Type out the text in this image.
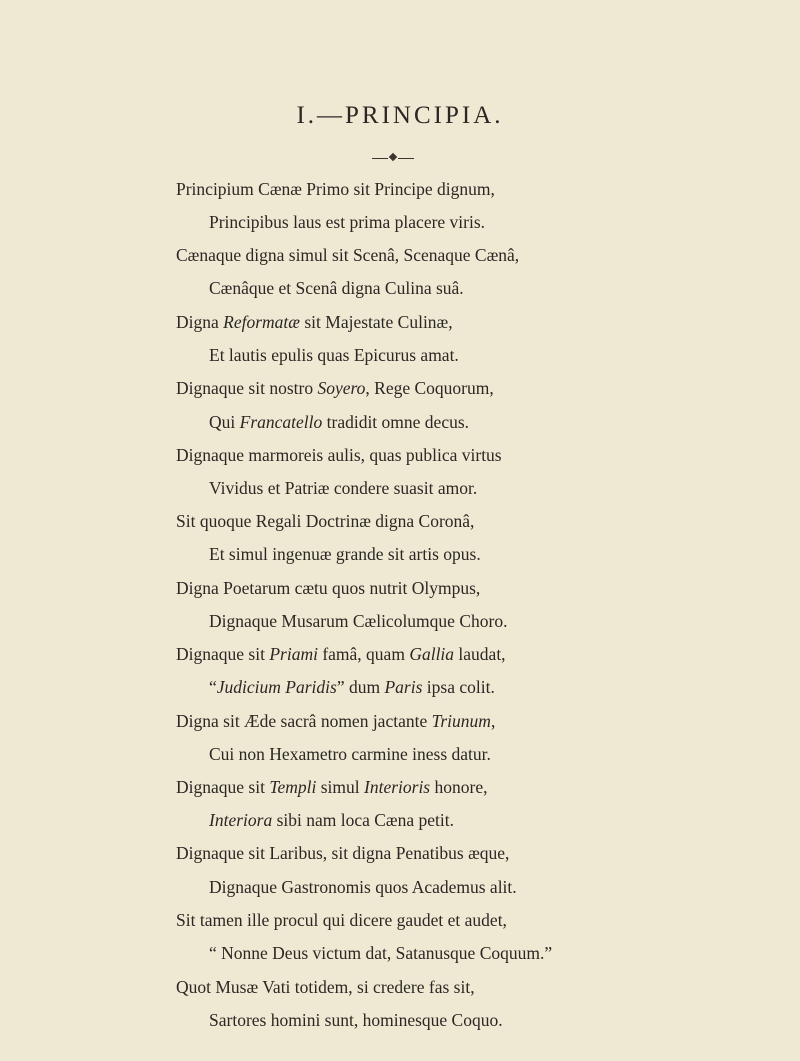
I.—PRINCIPIA.
Principium Cænæ Primo sit Principe dignum,
Principibus laus est prima placere viris.
Cænaque digna simul sit Scenâ, Scenaque Cænâ,
Cænâque et Scenâ digna Culina suâ.
Digna Reformatæ sit Majestate Culinæ,
Et lautis epulis quas Epicurus amat.
Dignaque sit nostro Soyero, Rege Coquorum,
Qui Francatello tradidit omne decus.
Dignaque marmoreis aulis, quas publica virtus
Vividus et Patriæ condere suasit amor.
Sit quoque Regali Doctrinæ digna Coronâ,
Et simul ingenuæ grande sit artis opus.
Digna Poetarum cætu quos nutrit Olympus,
Dignaque Musarum Cælicolumque Choro.
Dignaque sit Priami famâ, quam Gallia laudat,
“Judicium Paridis” dum Paris ipsa colit.
Digna sit Æde sacrâ nomen jactante Triunum,
Cui non Hexametro carmine iness datur.
Dignaque sit Templi simul Interioris honore,
Interiora sibi nam loca Cæna petit.
Dignaque sit Laribus, sit digna Penatibus æque,
Dignaque Gastronomis quos Academus alit.
Sit tamen ille procul qui dicere gaudet et audet,
“ Nonne Deus victum dat, Satanusque Coquum.”
Quot Musæ Vati totidem, si credere fas sit,
Sartores homini sunt, hominesque Coquo.
